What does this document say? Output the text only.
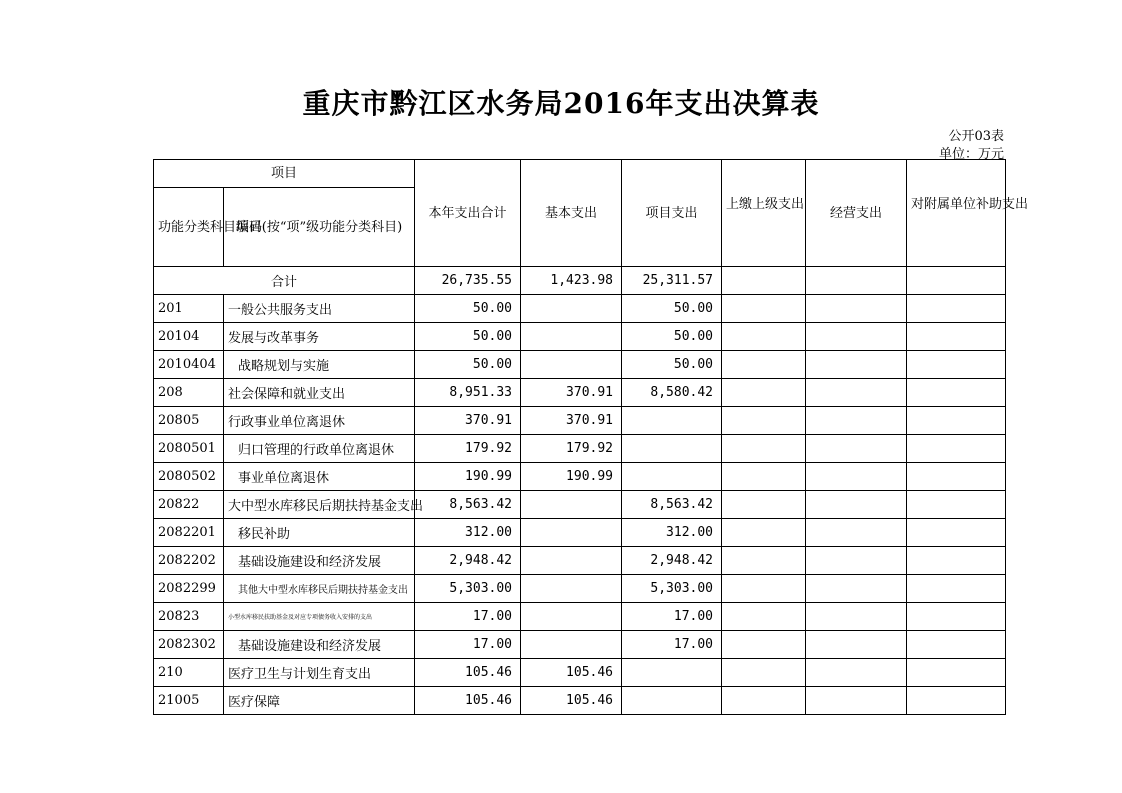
重庆市黔江区水务局2016年支出决算表
公开03表
单位：万元
项目		本年支出合计	基本支出	项目支出	上缴上级支出	经营支出	对附属单位补助支出
功能分类科目编码	项目(按“项”级功能分类科目)						
合计		26,735.55	1,423.98	25,311.57			
201	一般公共服务支出	50.00		50.00			
20104	发展与改革事务	50.00		50.00			
2010404	战略规划与实施	50.00		50.00			
208	社会保障和就业支出	8,951.33	370.91	8,580.42			
20805	行政事业单位离退休	370.91	370.91				
2080501	归口管理的行政单位离退休	179.92	179.92				
2080502	事业单位离退休	190.99	190.99				
20822	大中型水库移民后期扶持基金支出	8,563.42		8,563.42			
2082201	移民补助	312.00		312.00			
2082202	基础设施建设和经济发展	2,948.42		2,948.42			
2082299	其他大中型水库移民后期扶持基金支出	5,303.00		5,303.00			
20823	小型水库移民扶助基金及对应专项债务收入安排的支出	17.00		17.00			
2082302	基础设施建设和经济发展	17.00		17.00			
210	医疗卫生与计划生育支出	105.46	105.46				
21005	医疗保障	105.46	105.46				
